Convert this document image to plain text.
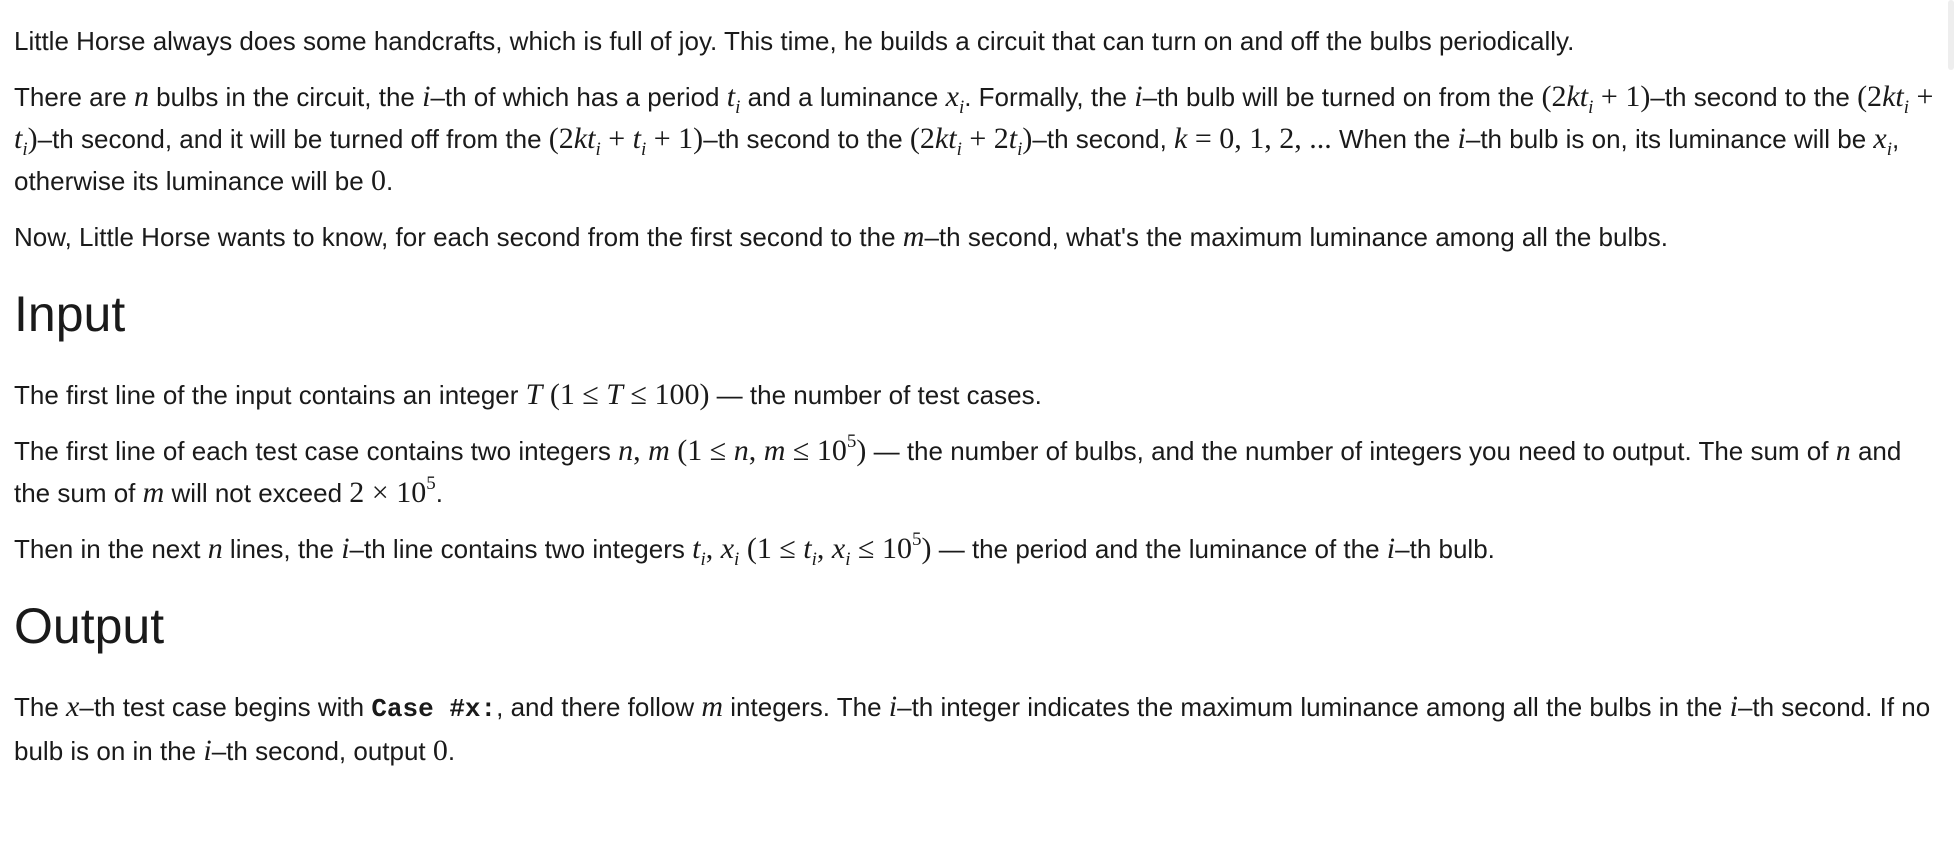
Little Horse always does some handcrafts, which is full of joy. This time, he builds a circuit that can turn on and off the bulbs periodically.

There are n bulbs in the circuit, the i–th of which has a period $t_i$ and a luminance $x_i$. Formally, the i–th bulb will be turned on from the $(2kt_i + 1)-th$ second to the $(2kt_i + t_i)-th$ second, and it will be turned off from the $(2kt_i + t_i + 1)-th$ second to the $(2kt_i + 2t_i)-th$ second, k = 0, 1, 2, ... When the i–th bulb is on, its luminance will be $x_i$, otherwise its luminance will be 0.

Now, Little Horse wants to know, for each second from the first second to the m–th second, what's the maximum luminance among all the bulbs.

Input

The first line of the input contains an integer T (1 ≤ T ≤ 100) — the number of test cases.

The first line of each test case contains two integers n, m (1 ≤ n, $m \le 10^5$) — the number of bulbs, and the number of integers you need to output. The sum of n and the sum of m will not exceed $2 \times 10^5$.

Then in the next n lines, the i–th line contains two integers $t_i$, $x_i$ ($1 \le t_i$, $x_i \le 10^5$) — the period and the luminance of the i–th bulb.

Output

The x–th test case begins with Case #x:, and there follow m integers. The i–th integer indicates the maximum luminance among all the bulbs in the i–th second. If no bulb is on in the i–th second, output 0.
